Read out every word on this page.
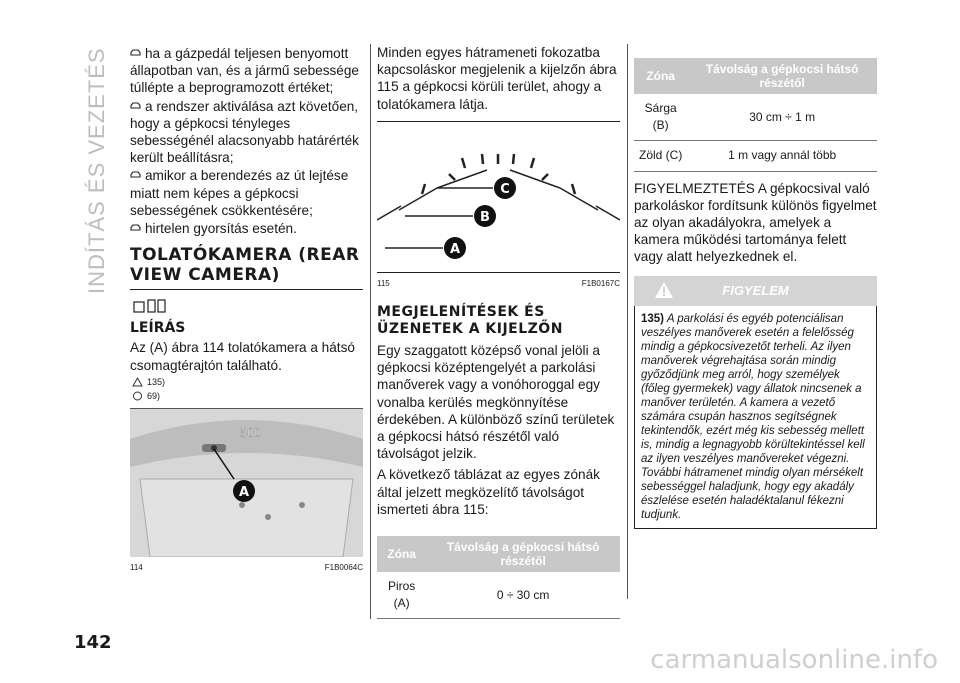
INDÍTÁS ÉS VEZETÉS
142

ha a gázpedál teljesen benyomott állapotban van, és a jármű sebessége túllépte a beprogramozott értéket;

a rendszer aktiválása azt követően, hogy a gépkocsi tényleges sebességénél alacsonyabb határérték került beállításra;

amikor a berendezés az út lejtése miatt nem képes a gépkocsi sebességének csökkentésére;

hirtelen gyorsítás esetén.

TOLATÓKAMERA (REAR VIEW CAMERA)
LEÍRÁS
Az (A) ábra 114 tolatókamera a hátsó csomagtérajtón található.
135)
69)
500
A
114	F1B0064C
Minden egyes hátrameneti fokozatba kapcsoláskor megjelenik a kijelzőn ábra 115 a gépkocsi körüli terület, ahogy a tolatókamera látja.
A
B
C
115	F1B0167C
MEGJELENÍTÉSEK ÉS ÜZENETEK A KIJELZŐN
Egy szaggatott középső vonal jelöli a gépkocsi középtengelyét a parkolási manőverek vagy a vonóhoroggal egy vonalba kerülés megkönnyítése érdekében. A különböző színű területek a gépkocsi hátsó részétől való távolságot jelzik.
A következő táblázat az egyes zónák által jelzett megközelítő távolságot ismerteti ábra 115:
Zóna	Távolság a gépkocsi hátsó részétől
Piros (A)	0 ÷ 30 cm
Zóna	Távolság a gépkocsi hátsó részétől
Sárga (B)	30 cm ÷ 1 m
Zöld (C)	1 m vagy annál több
FIGYELMEZTETÉS A gépkocsival való parkoláskor fordítsunk különös figyelmet az olyan akadályokra, amelyek a kamera működési tartománya felett vagy alatt helyezkednek el.
FIGYELEM
135) A parkolási és egyéb potenciálisan veszélyes manőverek esetén a felelősség mindig a gépkocsivezetőt terheli. Az ilyen manőverek végrehajtása során mindig győződjünk meg arról, hogy személyek (főleg gyermekek) vagy állatok nincsenek a manőver területén. A kamera a vezető számára csupán hasznos segítségnek tekintendők, ezért még kis sebesség mellett is, mindig a legnagyobb körültekintéssel kell az ilyen veszélyes manővereket végezni. További hátramenet mindig olyan mérsékelt sebességgel haladjunk, hogy egy akadály észlelése esetén haladéktalanul fékezni tudjunk.
carmanualsonline.info
